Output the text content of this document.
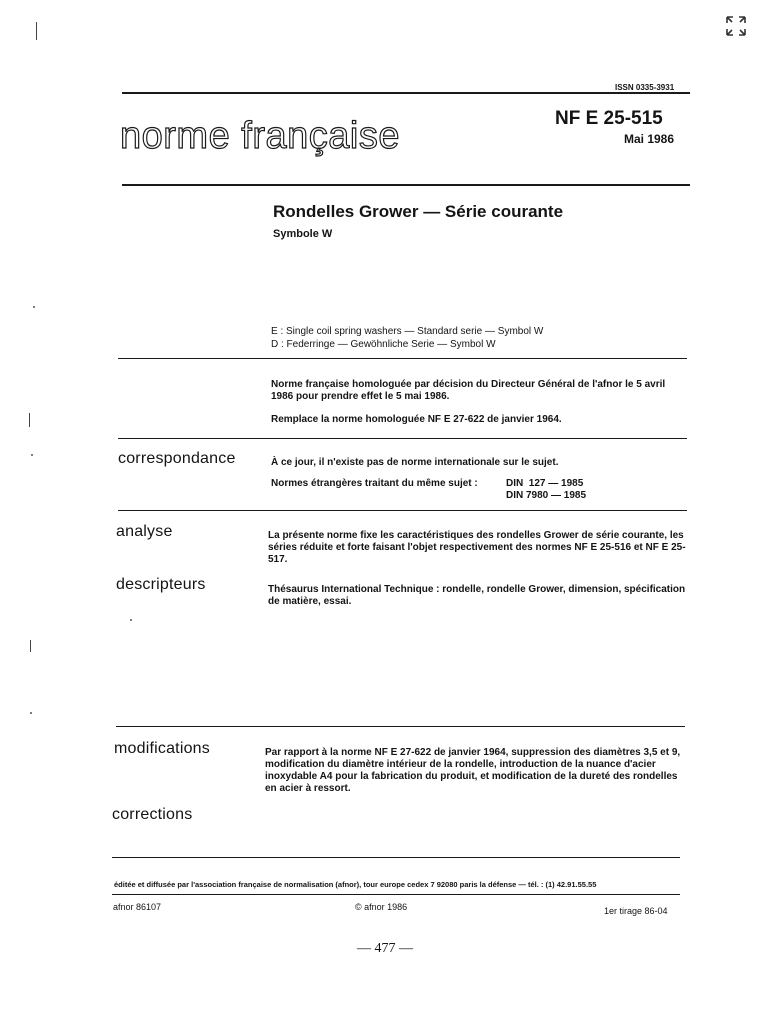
ISSN 0335-3931
norme française	NF E 25-515
Mai 1986
Rondelles Grower — Série courante
Symbole W
E : Single coil spring washers — Standard serie — Symbol W
D : Federringe — Gewöhnliche Serie — Symbol W
Norme française homologuée par décision du Directeur Général de l'afnor le 5 avril 1986 pour prendre effet le 5 mai 1986.
Remplace la norme homologuée NF E 27-622 de janvier 1964.
correspondance	À ce jour, il n'existe pas de norme internationale sur le sujet.
Normes étrangères traitant du même sujet :	DIN  127 — 1985
DIN 7980 — 1985
analyse	La présente norme fixe les caractéristiques des rondelles Grower de série courante, les séries réduite et forte faisant l'objet respectivement des normes NF E 25-516 et NF E 25-517.
descripteurs	Thésaurus International Technique : rondelle, rondelle Grower, dimension, spécification de matière, essai.
modifications	Par rapport à la norme NF E 27-622 de janvier 1964, suppression des diamètres 3,5 et 9, modification du diamètre intérieur de la rondelle, introduction de la nuance d'acier inoxydable A4 pour la fabrication du produit, et modification de la dureté des rondelles en acier à ressort.
corrections
éditée et diffusée par l'association française de normalisation (afnor), tour europe cedex 7 92080 paris la défense — tél. : (1) 42.91.55.55
afnor 86107	© afnor 1986	1er tirage 86-04
— 477 —
